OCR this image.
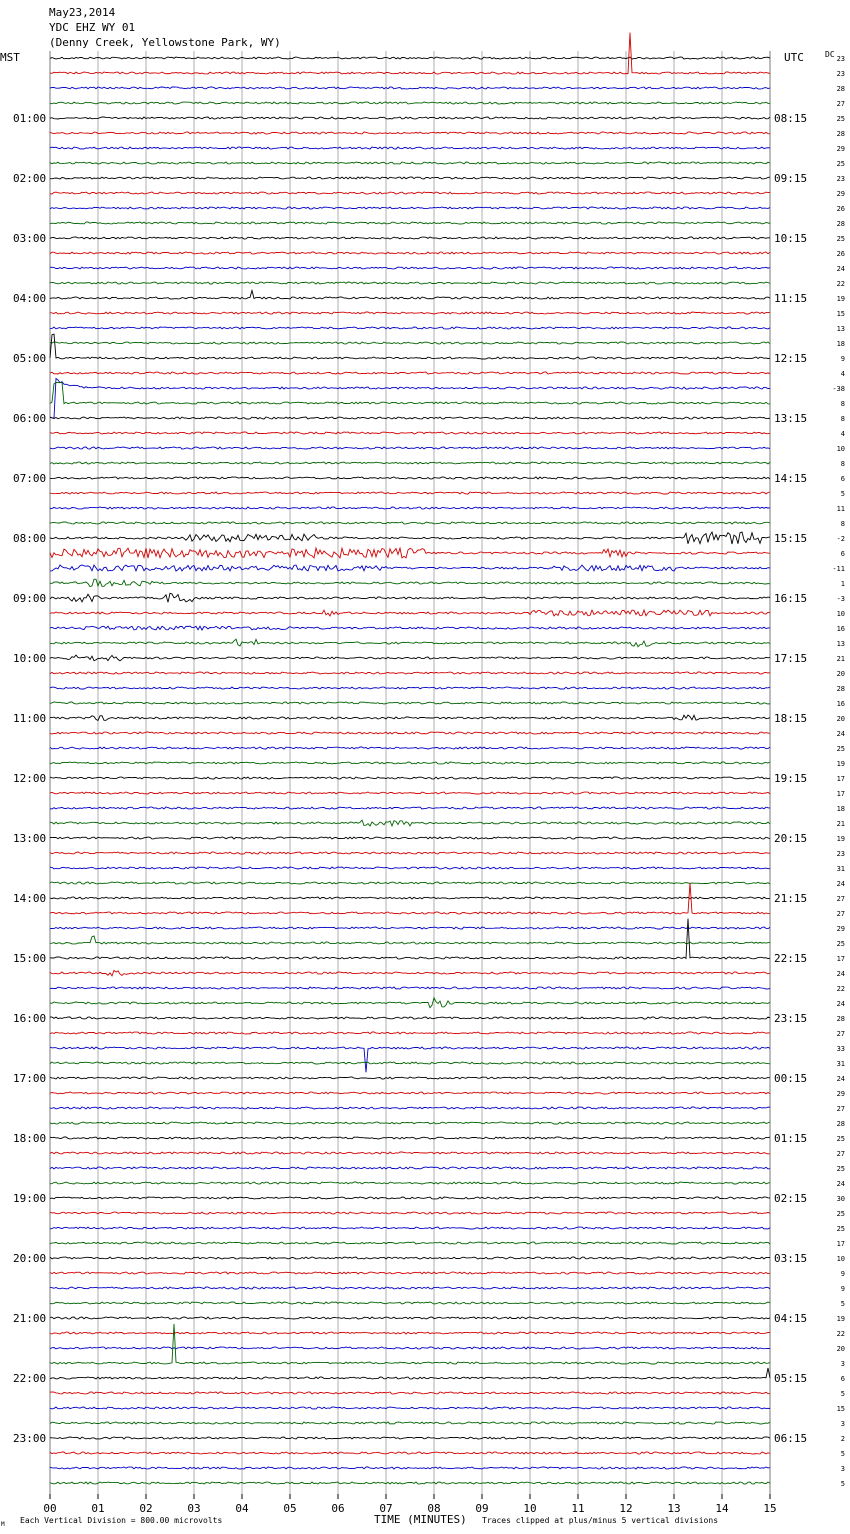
May23,2014
YDC EHZ WY 01
(Denny Creek, Yellowstone Park, WY)
MST	UTC	DC
01:00
02:00
03:00
04:00
05:00
06:00
07:00
08:00
09:00
10:00
11:00
12:00
13:00
14:00
15:00
16:00
17:00
18:00
19:00
20:00
21:00
22:00
23:00
08:15
09:15
10:15
11:15
12:15
13:15
14:15
15:15
16:15
17:15
18:15
19:15
20:15
21:15
22:15
23:15
00:15
01:15
02:15
03:15
04:15
05:15
06:15
23
23
28
27
25
28
29
25
23
29
26
28
25
26
24
22
19
15
13
18
9
4
-38
8
8
4
10
8
6
5
11
8
-2
6
-11
1
-3
10
16
13
21
20
28
16
20
24
25
19
17
17
18
21
19
23
31
24
27
27
29
25
17
24
22
24
28
27
33
31
24
29
27
28
25
27
25
24
30
25
25
17
10
9
9
5
19
22
20
3
6
5
15
3
2
5
3
5
00	01	02	03	04	05	06	07	08	09	10	11	12	13	14	15
M Each Vertical Division = 800.00 microvolts	TIME (MINUTES) Traces clipped at plus/minus 5 vertical divisions
